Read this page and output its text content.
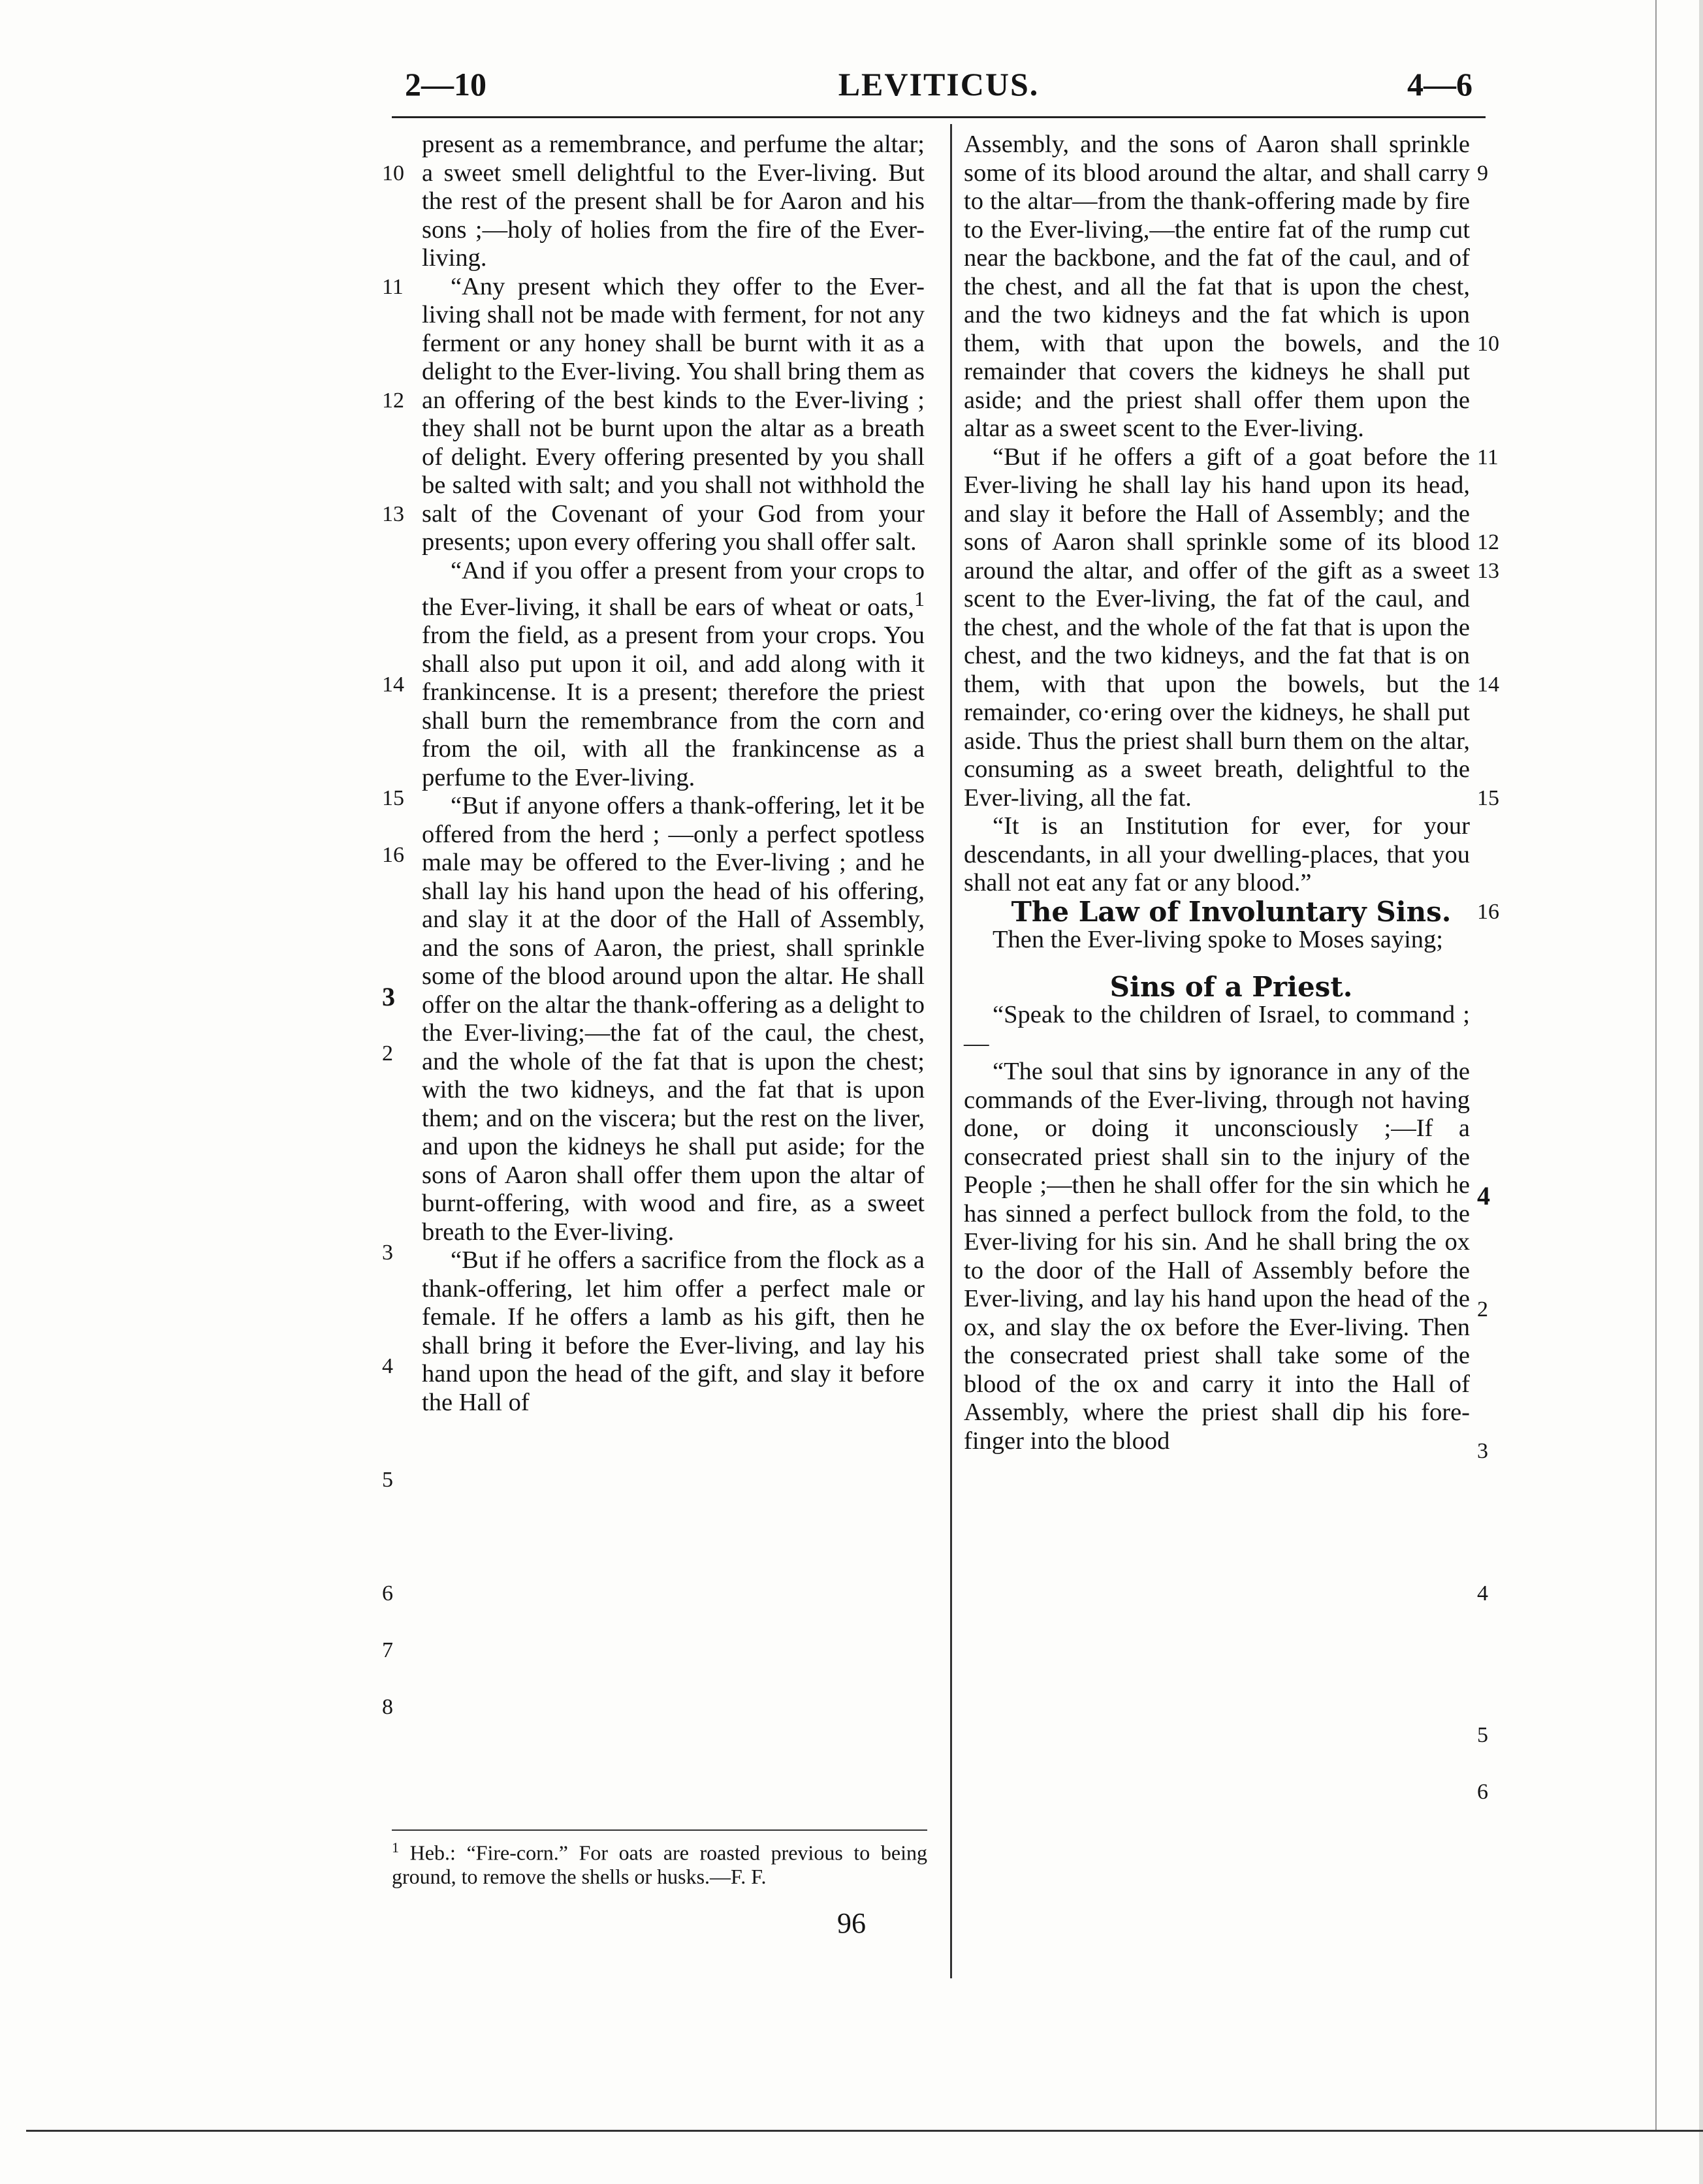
2—10	LEVITICUS.	4—6

present as a remembrance, and perfume the altar; a sweet smell delightful to the Ever-living. But the rest of the present shall be for Aaron and his sons ;—holy of holies from the fire of the Ever-living.

“Any present which they offer to the Ever-living shall not be made with ferment, for not any ferment or any honey shall be burnt with it as a delight to the Ever-living. You shall bring them as an offering of the best kinds to the Ever-living ; they shall not be burnt upon the altar as a breath of delight. Every offering presented by you shall be salted with salt; and you shall not withhold the salt of the Covenant of your God from your presents; upon every offering you shall offer salt.

“And if you offer a present from your crops to the Ever-living, it shall be ears of wheat or oats,$^1$ from the field, as a present from your crops. You shall also put upon it oil, and add along with it frankincense. It is a present; therefore the priest shall burn the remembrance from the corn and from the oil, with all the frankincense as a perfume to the Ever-living.

“But if anyone offers a thank-offering, let it be offered from the herd ; —only a perfect spotless male may be offered to the Ever-living ; and he shall lay his hand upon the head of his offering, and slay it at the door of the Hall of Assembly, and the sons of Aaron, the priest, shall sprinkle some of the blood around upon the altar. He shall offer on the altar the thank-offering as a delight to the Ever-living;—the fat of the caul, the chest, and the whole of the fat that is upon the chest; with the two kidneys, and the fat that is upon them; and on the viscera; but the rest on the liver, and upon the kidneys he shall put aside; for the sons of Aaron shall offer them upon the altar of burnt-offering, with wood and fire, as a sweet breath to the Ever-living.

“But if he offers a sacrifice from the flock as a thank-offering, let him offer a perfect male or female. If he offers a lamb as his gift, then he shall bring it before the Ever-living, and lay his hand upon the head of the gift, and slay it before the Hall of

Assembly, and the sons of Aaron shall sprinkle some of its blood around the altar, and shall carry to the altar—from the thank-offering made by fire to the Ever-living,—the entire fat of the rump cut near the backbone, and the fat of the caul, and of the chest, and all the fat that is upon the chest, and the two kidneys and the fat which is upon them, with that upon the bowels, and the remainder that covers the kidneys he shall put aside; and the priest shall offer them upon the altar as a sweet scent to the Ever-living.

“But if he offers a gift of a goat before the Ever-living he shall lay his hand upon its head, and slay it before the Hall of Assembly; and the sons of Aaron shall sprinkle some of its blood around the altar, and offer of the gift as a sweet scent to the Ever-living, the fat of the caul, and the chest, and the whole of the fat that is upon the chest, and the two kidneys, and the fat that is on them, with that upon the bowels, but the remainder, co·ering over the kidneys, he shall put aside. Thus the priest shall burn them on the altar, consuming as a sweet breath, delightful to the Ever-living, all the fat.

“It is an Institution for ever, for your descendants, in all your dwelling-places, that you shall not eat any fat or any blood.”

The Law of Involuntary Sins.

Then the Ever-living spoke to Moses saying;

Sins of a Priest.

“Speak to the children of Israel, to command ;—

“The soul that sins by ignorance in any of the commands of the Ever-living, through not having done, or doing it unconsciously ;—If a consecrated priest shall sin to the injury of the People ;—then he shall offer for the sin which he has sinned a perfect bullock from the fold, to the Ever-living for his sin. And he shall bring the ox to the door of the Hall of Assembly before the Ever-living, and lay his hand upon the head of the ox, and slay the ox before the Ever-living. Then the consecrated priest shall take some of the blood of the ox and carry it into the Hall of Assembly, where the priest shall dip his fore-finger into the blood

10
11
12
13
14
15
16
3
2
3
4
5
6
7
8
9
10
11
12
13
14
15
16
4
2
3
4
5
6
$^1$ Heb.: “Fire-corn.” For oats are roasted previous to being ground, to remove the shells or husks.—F. F.
96
